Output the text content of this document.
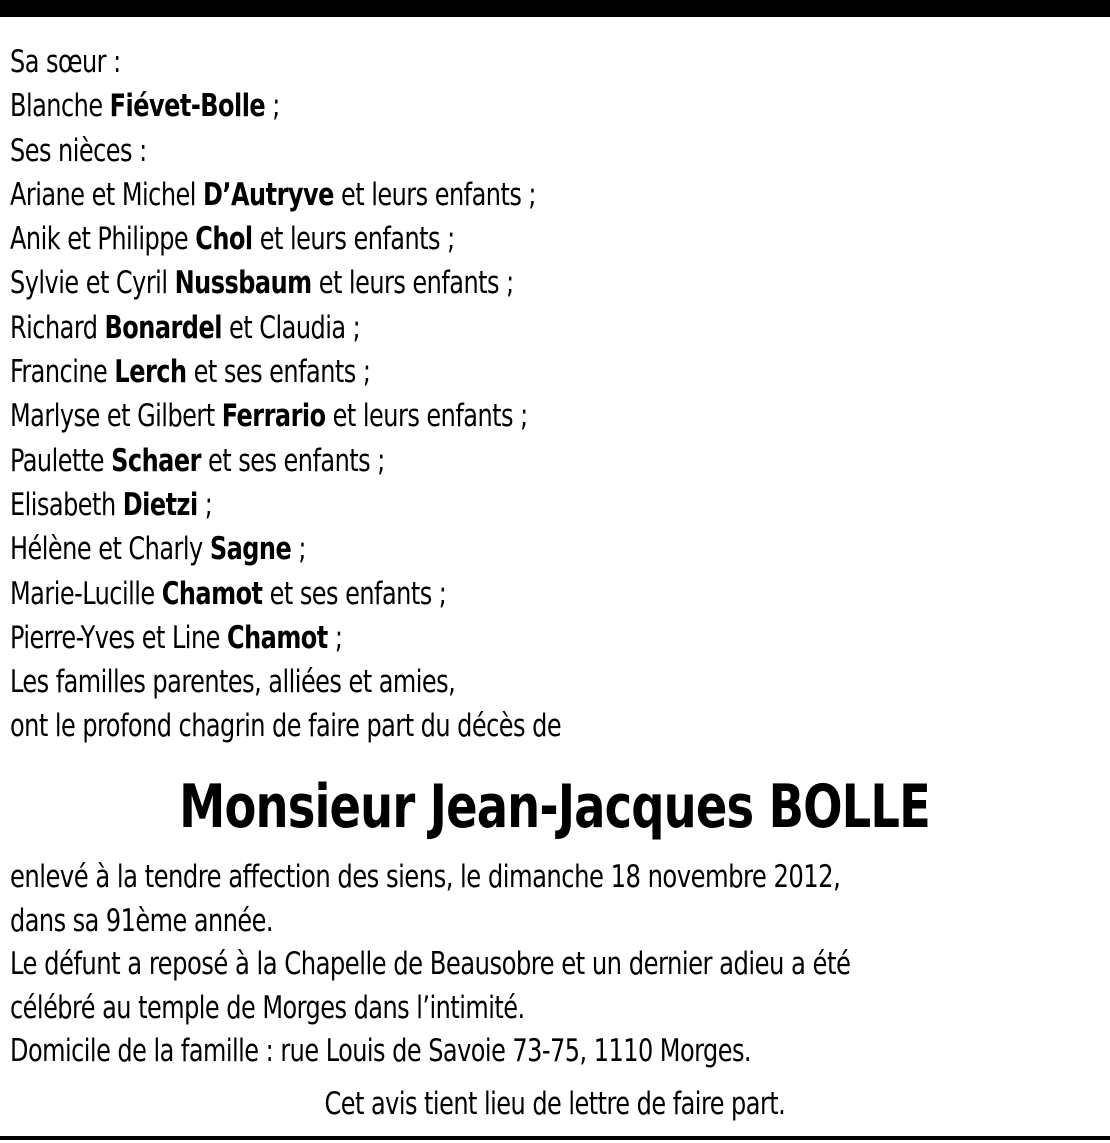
Sa sœur :
Blanche Fiévet-Bolle ;
Ses nièces :
Ariane et Michel D’Autryve et leurs enfants ;
Anik et Philippe Chol et leurs enfants ;
Sylvie et Cyril Nussbaum et leurs enfants ;
Richard Bonardel et Claudia ;
Francine Lerch et ses enfants ;
Marlyse et Gilbert Ferrario et leurs enfants ;
Paulette Schaer et ses enfants ;
Elisabeth Dietzi ;
Hélène et Charly Sagne ;
Marie-Lucille Chamot et ses enfants ;
Pierre-Yves et Line Chamot ;
Les familles parentes, alliées et amies,
ont le profond chagrin de faire part du décès de
Monsieur Jean-Jacques BOLLE
enlevé à la tendre affection des siens, le dimanche 18 novembre 2012,
dans sa 91ème année.
Le défunt a reposé à la Chapelle de Beausobre et un dernier adieu a été
célébré au temple de Morges dans l’intimité.
Domicile de la famille : rue Louis de Savoie 73-75, 1110 Morges.
Cet avis tient lieu de lettre de faire part.
